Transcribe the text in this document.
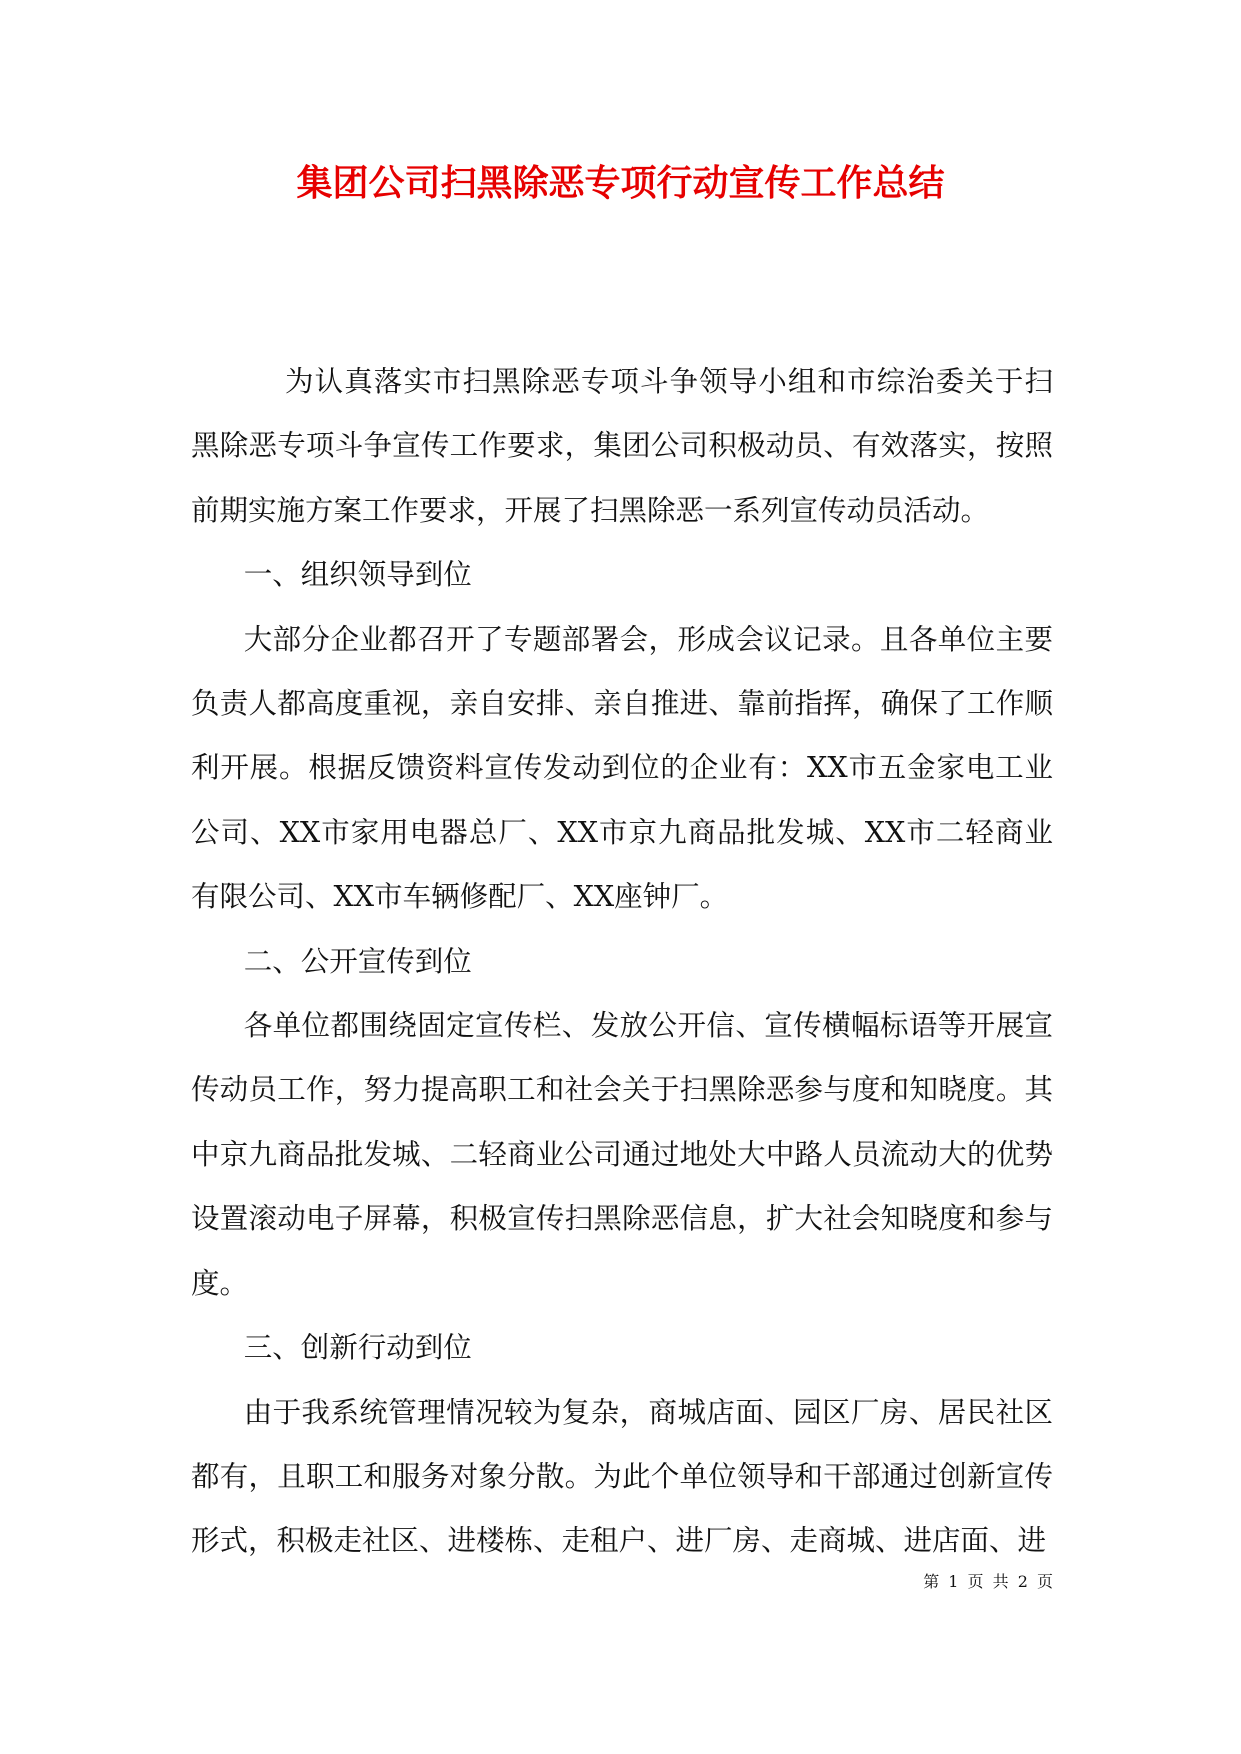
集团公司扫黑除恶专项行动宣传工作总结

为认真落实市扫黑除恶专项斗争领导小组和市综治委关于扫黑除恶专项斗争宣传工作要求，集团公司积极动员、有效落实，按照前期实施方案工作要求，开展了扫黑除恶一系列宣传动员活动。

一、组织领导到位

大部分企业都召开了专题部署会，形成会议记录。且各单位主要负责人都高度重视，亲自安排、亲自推进、靠前指挥，确保了工作顺利开展。根据反馈资料宣传发动到位的企业有：XX市五金家电工业公司、XX市家用电器总厂、XX市京九商品批发城、XX市二轻商业有限公司、XX市车辆修配厂、XX座钟厂。

二、公开宣传到位

各单位都围绕固定宣传栏、发放公开信、宣传横幅标语等开展宣传动员工作，努力提高职工和社会关于扫黑除恶参与度和知晓度。其中京九商品批发城、二轻商业公司通过地处大中路人员流动大的优势设置滚动电子屏幕，积极宣传扫黑除恶信息，扩大社会知晓度和参与度。

三、创新行动到位

由于我系统管理情况较为复杂，商城店面、园区厂房、居民社区都有，且职工和服务对象分散。为此个单位领导和干部通过创新宣传形式，积极走社区、进楼栋、走租户、进厂房、走商城、进店面、进

第 1 页 共 2 页
